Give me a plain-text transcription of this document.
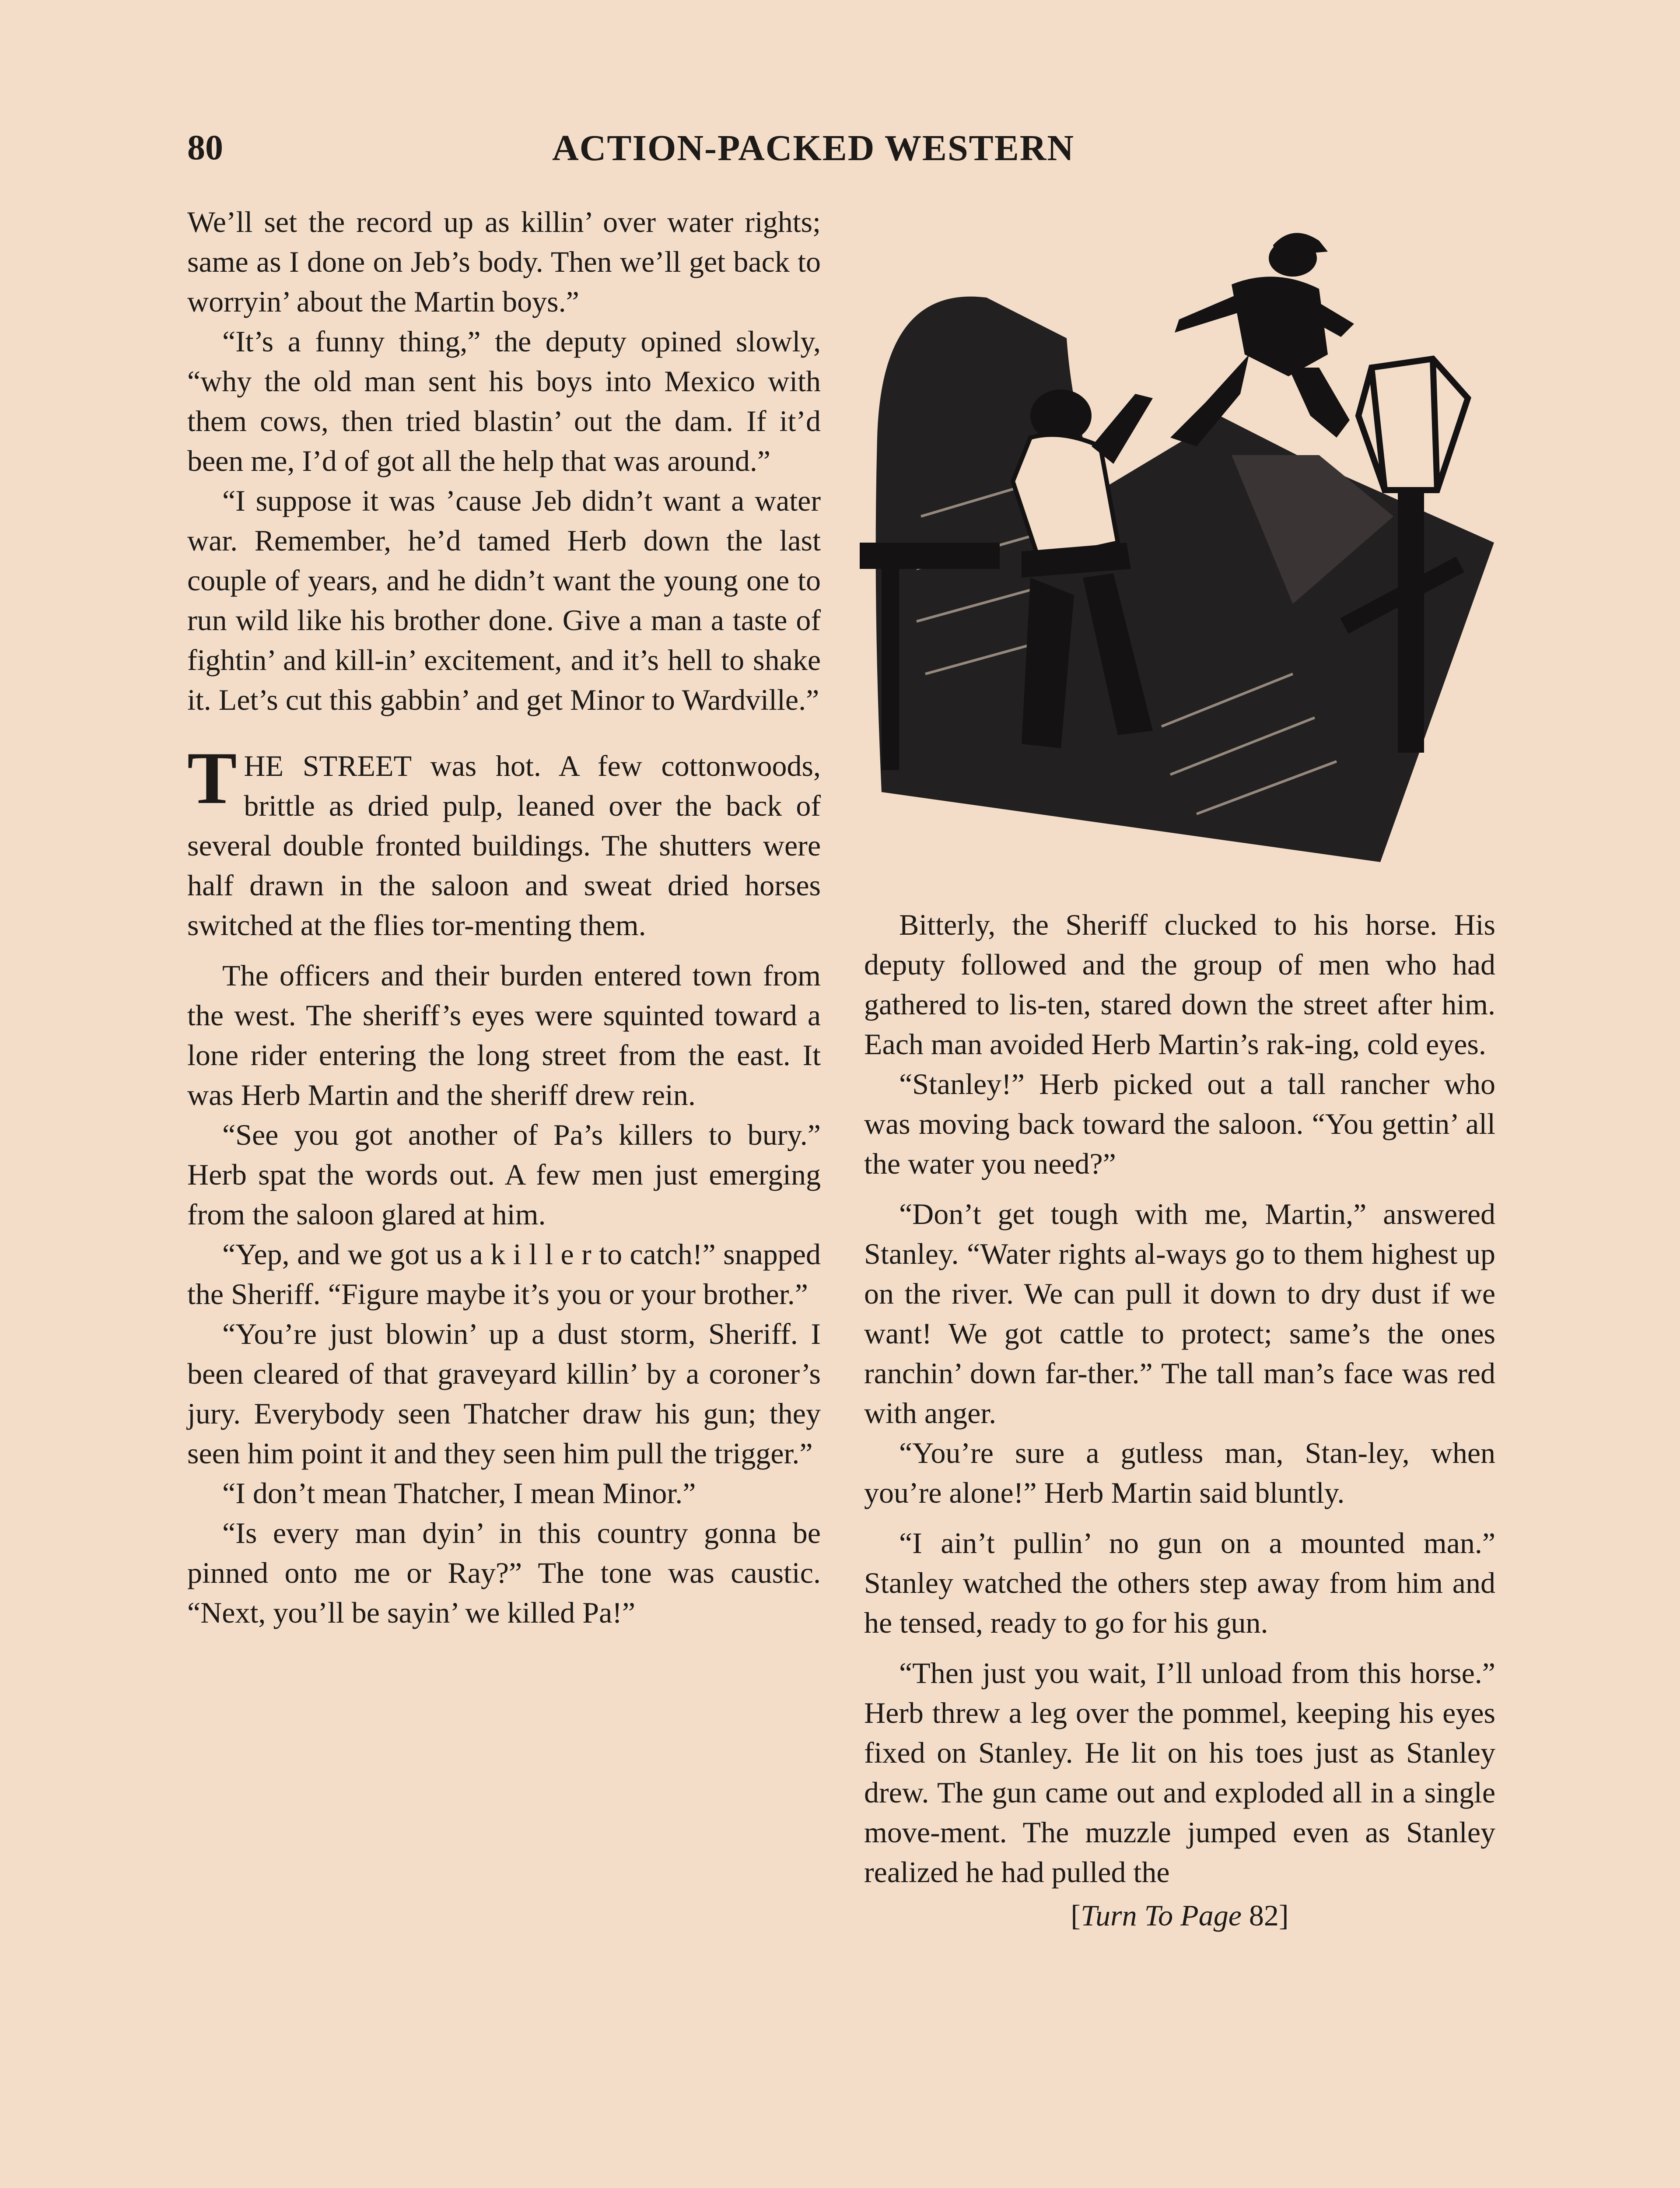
80	ACTION-PACKED WESTERN

We’ll set the record up as killin’ over water rights; same as I done on Jeb’s body. Then we’ll get back to worryin’ about the Martin boys.”

“It’s a funny thing,” the deputy opined slowly, “why the old man sent his boys into Mexico with them cows, then tried blastin’ out the dam. If it’d been me, I’d of got all the help that was around.”

“I suppose it was ’cause Jeb didn’t want a water war. Remember, he’d tamed Herb down the last couple of years, and he didn’t want the young one to run wild like his brother done. Give a man a taste of fightin’ and kill-in’ excitement, and it’s hell to shake it. Let’s cut this gabbin’ and get Minor to Wardville.”

THE STREET was hot. A few cottonwoods, brittle as dried pulp, leaned over the back of several double fronted buildings. The shutters were half drawn in the saloon and sweat dried horses switched at the flies tor-menting them.

The officers and their burden entered town from the west. The sheriff’s eyes were squinted toward a lone rider entering the long street from the east. It was Herb Martin and the sheriff drew rein.

“See you got another of Pa’s killers to bury.” Herb spat the words out. A few men just emerging from the saloon glared at him.

“Yep, and we got us a k i l l e r to catch!” snapped the Sheriff. “Figure maybe it’s you or your brother.”

“You’re just blowin’ up a dust storm, Sheriff. I been cleared of that graveyard killin’ by a coroner’s jury. Everybody seen Thatcher draw his gun; they seen him point it and they seen him pull the trigger.”

“I don’t mean Thatcher, I mean Minor.”

“Is every man dyin’ in this country gonna be pinned onto me or Ray?” The tone was caustic. “Next, you’ll be sayin’ we killed Pa!”

Bitterly, the Sheriff clucked to his horse. His deputy followed and the group of men who had gathered to lis-ten, stared down the street after him. Each man avoided Herb Martin’s rak-ing, cold eyes.

“Stanley!” Herb picked out a tall rancher who was moving back toward the saloon. “You gettin’ all the water you need?”

“Don’t get tough with me, Martin,” answered Stanley. “Water rights al-ways go to them highest up on the river. We can pull it down to dry dust if we want! We got cattle to protect; same’s the ones ranchin’ down far-ther.” The tall man’s face was red with anger.

“You’re sure a gutless man, Stan-ley, when you’re alone!” Herb Martin said bluntly.

“I ain’t pullin’ no gun on a mounted man.” Stanley watched the others step away from him and he tensed, ready to go for his gun.

“Then just you wait, I’ll unload from this horse.” Herb threw a leg over the pommel, keeping his eyes fixed on Stanley. He lit on his toes just as Stanley drew. The gun came out and exploded all in a single move-ment. The muzzle jumped even as Stanley realized he had pulled the

[Turn To Page 82]
